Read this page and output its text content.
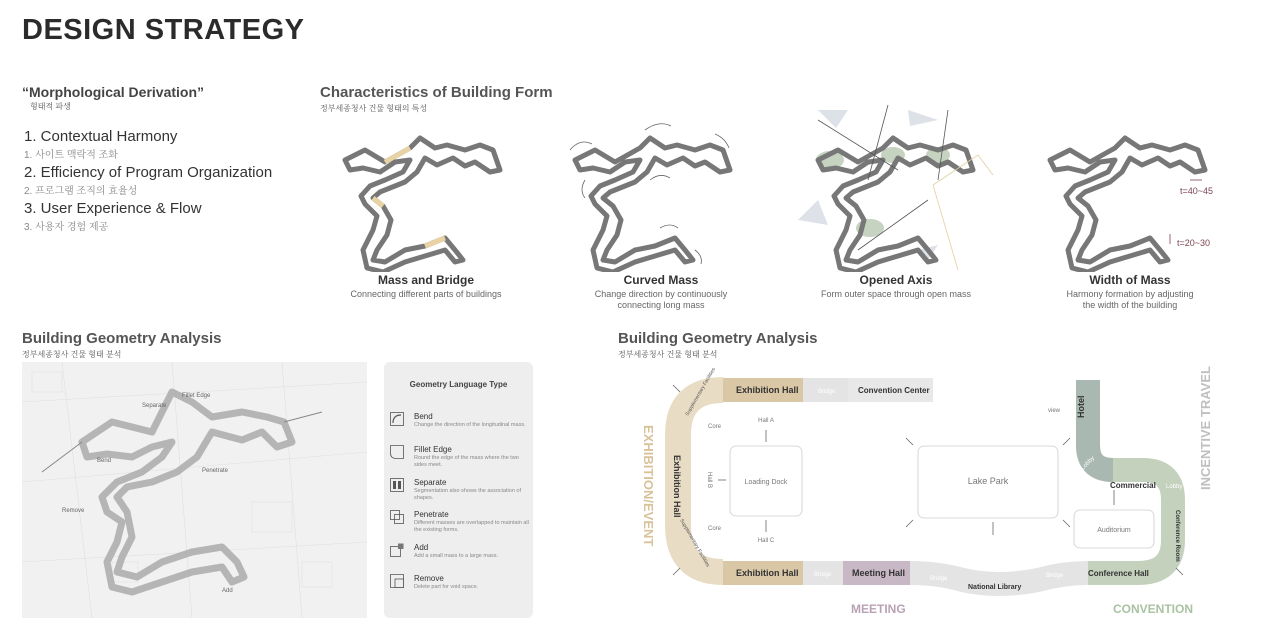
DESIGN STRATEGY
“Morphological Derivation”
형태적 파생
1. Contextual Harmony
1. 사이트 맥락적 조화
2. Efficiency of Program Organization
2. 프로그램 조직의 효율성
3. User Experience & Flow
3. 사용자 경험 제공
Characteristics of Building Form
정부세종청사 건물 형태의 특성
t=40~45
t=20~30
Mass and Bridge
Connecting different parts of buildings
Curved Mass
Change direction by continuously
connecting long mass
Opened Axis
Form outer space through open mass
Width of Mass
Harmony formation by adjusting
the width of the building
Building Geometry Analysis
정부세종청사 건물 형태 분석
Fillet Edge
Separate
Bend
Penetrate
Remove
Add
Geometry Language Type
Bend
Change the direction of the longitudinal mass.
Fillet Edge
Round the edge of the mass where the two sides meet.
Separate
Segmentation also shows the association of shapes.
Penetrate
Different masses are overlapped to maintain all the existing forms.
Add
Add a small mass to a large mass.
Remove
Delete part for void space.
Building Geometry Analysis
정부세종청사 건물 형태 분석
EXHIBITION/EVENT	INCENTIVE TRAVEL
MEETING	CONVENTION
Exhibition Hall	Convention Center
Exhibition Hall
Exhibition Hall	Meeting Hall
National Library
Conference Hall
Hotel
Commercial
Conference Room
Loading Dock	Lake Park
Auditorium
Hall A
Hall B
Hall C
Core
Core
Bridge
Bridge
Bridge	Bridge
Lobby
Lobby
Supplementary Facilities
Supplementary Facilities
view
